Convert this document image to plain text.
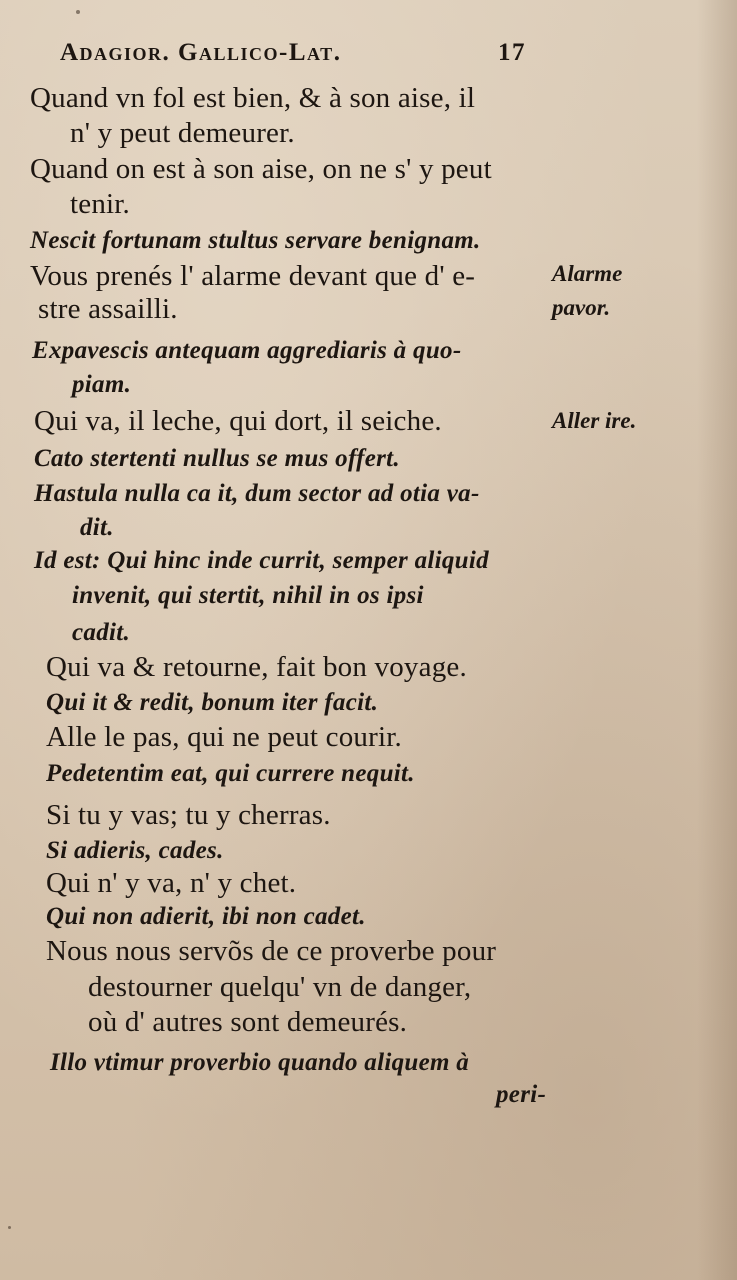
Adagior. Gallico-Lat.	17
Quand vn fol est bien, & à son aise, il
n' y peut demeurer.
Quand on est à son aise, on ne s' y peut
tenir.
Nescit fortunam stultus servare benignam.
Vous prenés l' alarme devant que d' e-
stre assailli.
Expavescis antequam aggrediaris à quo-
piam.
Qui va, il leche, qui dort, il seiche.
Cato stertenti nullus se mus offert.
Hastula nulla ca it, dum sector ad otia va-
dit.
Id est: Qui hinc inde currit, semper aliquid
invenit, qui stertit, nihil in os ipsi
cadit.
Qui va & retourne, fait bon voyage.
Qui it & redit, bonum iter facit.
Alle le pas, qui ne peut courir.
Pedetentim eat, qui currere nequit.
Si tu y vas; tu y cherras.
Si adieris, cades.
Qui n' y va, n' y chet.
Qui non adierit, ibi non cadet.
Nous nous servõs de ce proverbe pour
destourner quelqu' vn de danger,
où d' autres sont demeurés.
Illo vtimur proverbio quando aliquem à
peri-
Alarme
pavor.
Aller ire.
